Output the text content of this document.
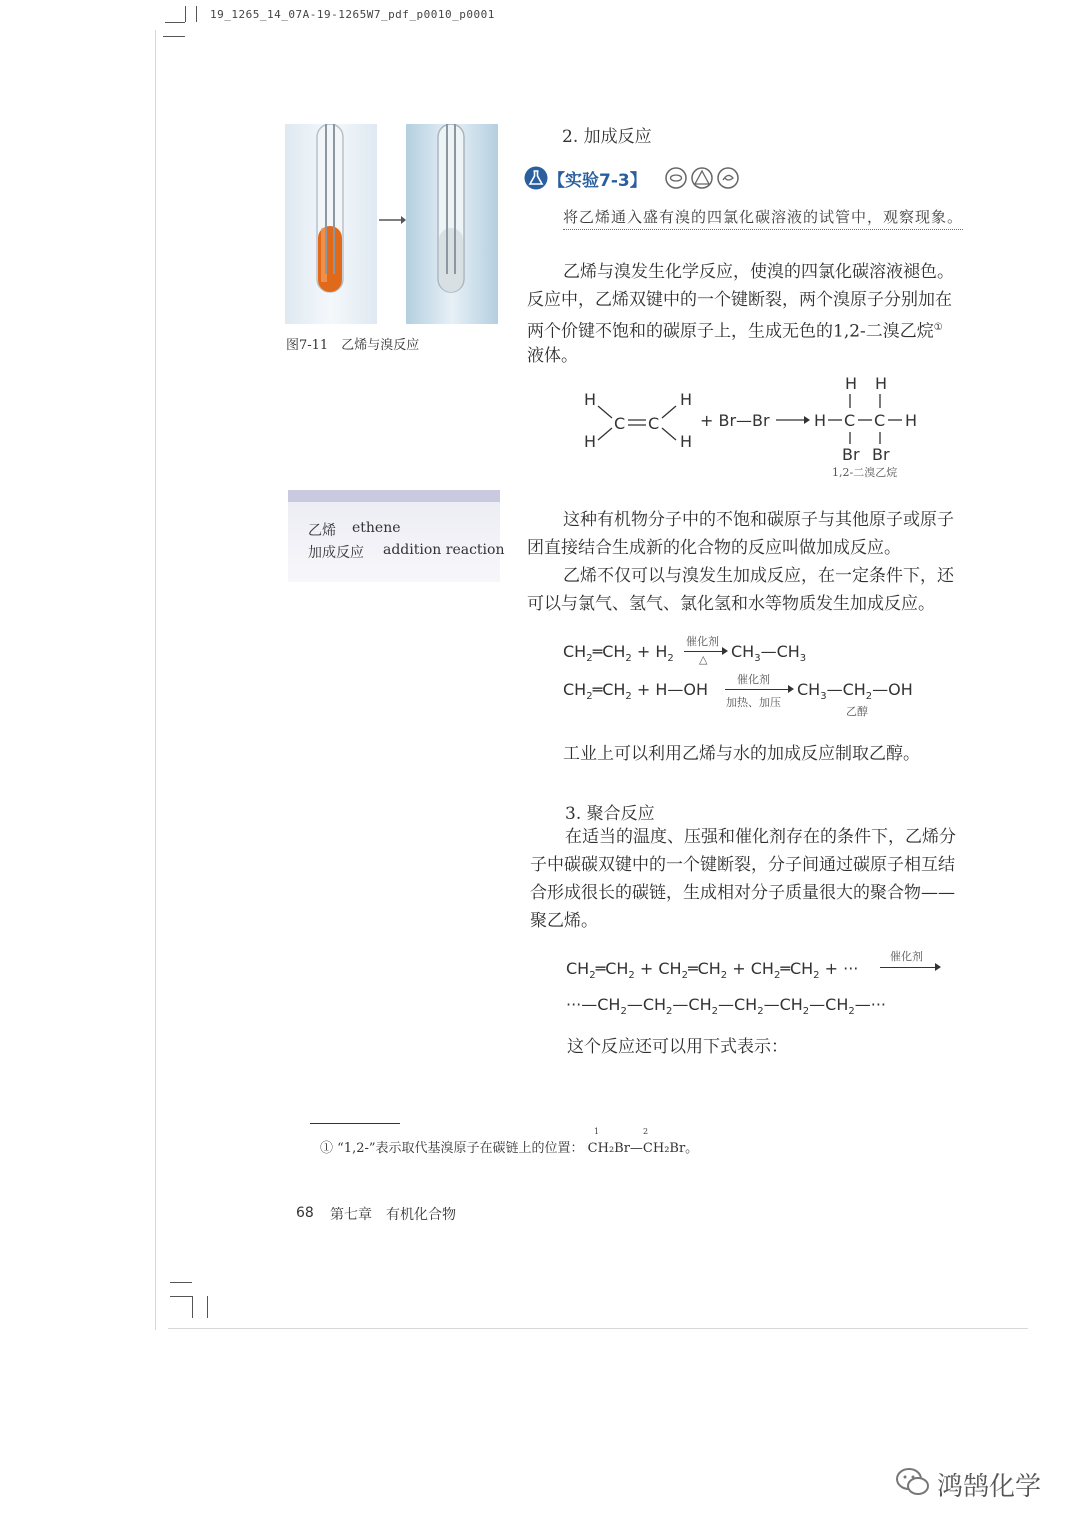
19_1265_14_07A-19-1265W7_pdf_p0010_p0001
图7-11　乙烯与溴反应
乙烯 ethene
加成反应 addition reaction
2. 加成反应
【实验7-3】
将乙烯通入盛有溴的四氯化碳溶液的试管中，观察现象。
乙烯与溴发生化学反应，使溴的四氯化碳溶液褪色。
反应中，乙烯双键中的一个键断裂，两个溴原子分别加在
两个价键不饱和的碳原子上，生成无色的1,2-二溴乙烷①
液体。
H
H
C C
H
H
+ Br—Br	H C C H
H H
Br Br
1,2-二溴乙烷
这种有机物分子中的不饱和碳原子与其他原子或原子
团直接结合生成新的化合物的反应叫做加成反应。
乙烯不仅可以与溴发生加成反应，在一定条件下，还
可以与氯气、氢气、氯化氢和水等物质发生加成反应。
$CH_2═CH_2 + H_2$
催化剂
△ $CH_3—CH_3$
$CH_2═CH_2$ + H—OH
催化剂
加热、加压
$CH_3—CH_2—OH$
乙醇
工业上可以利用乙烯与水的加成反应制取乙醇。
3. 聚合反应
在适当的温度、压强和催化剂存在的条件下，乙烯分
子中碳碳双键中的一个键断裂，分子间通过碳原子相互结
合形成很长的碳链，生成相对分子质量很大的聚合物——
聚乙烯。
$CH_2═CH_2$ + $CH_2═CH_2$ + $CH_2═CH_2$ + ···
催化剂
$\cdot\cdot\cdot—CH_2—CH_2—CH_2—CH_2—CH_2—CH_2—\cdot\cdot\cdot$
这个反应还可以用下式表示：
① “1,2-”表示取代基溴原子在碳链上的位置： CH₂Br—CH₂Br。
1	2
68 第七章　有机化合物
鸿鹄化学
